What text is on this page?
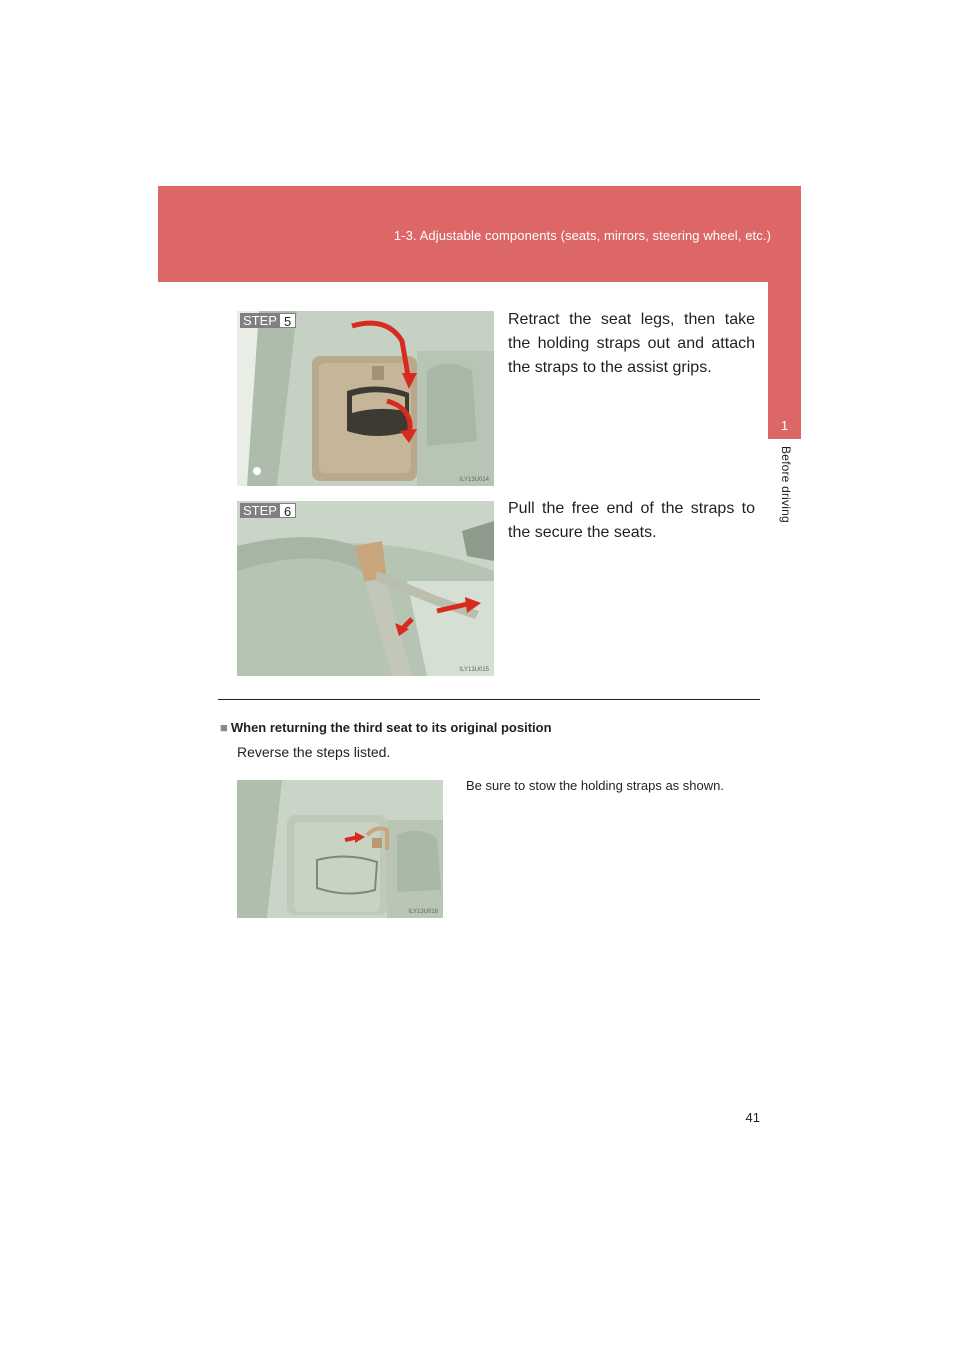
1-3. Adjustable components (seats, mirrors, steering wheel, etc.)
1
Before driving
STEP 5
ILY13U014
Retract the seat legs, then take the holding straps out and attach the straps to the assist grips.
STEP 6
ILY13U015
Pull the free end of the straps to the secure the seats.
■ When returning the third seat to its original position
Reverse the steps listed.
ILY13U016
Be sure to stow the holding straps as shown.
41
